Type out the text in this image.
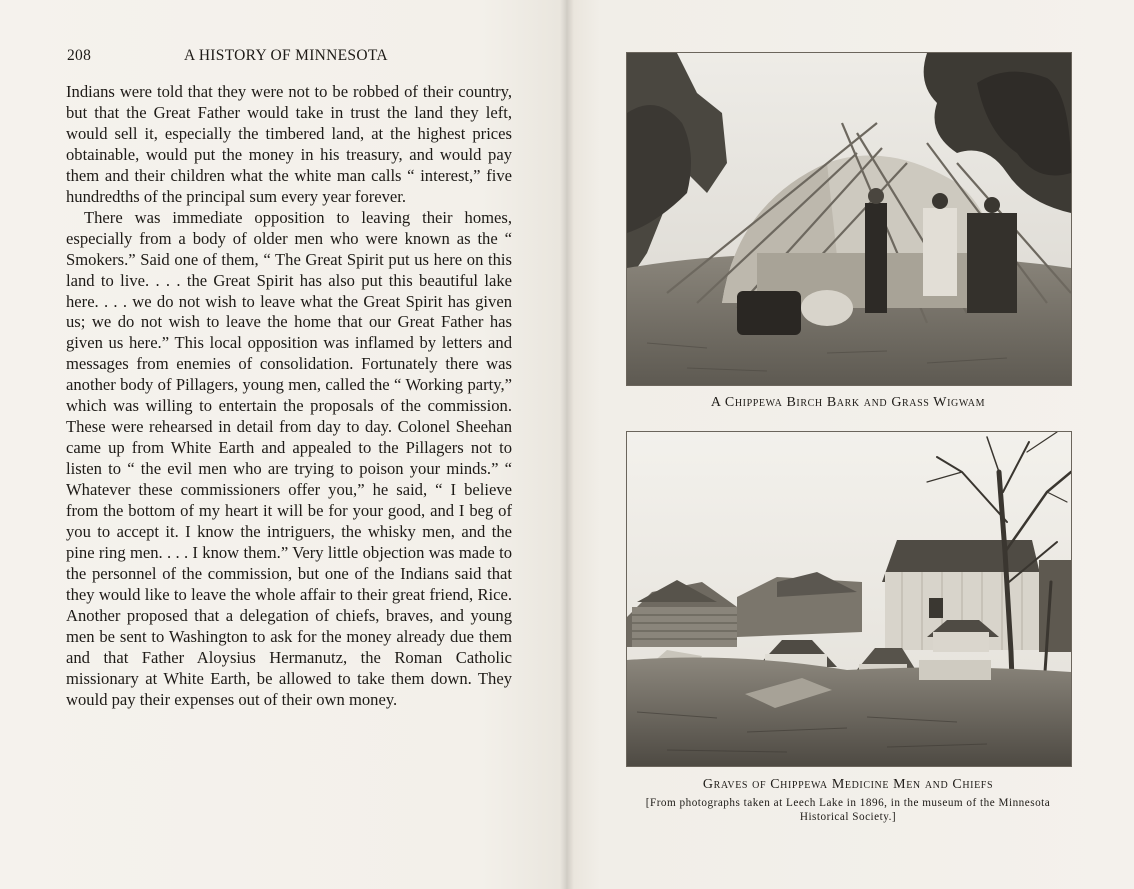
208	A HISTORY OF MINNESOTA

Indians were told that they were not to be robbed of their country, but that the Great Father would take in trust the land they left, would sell it, especially the timbered land, at the highest prices obtainable, would put the money in his treasury, and would pay them and their children what the white man calls “ interest,” five hundredths of the principal sum every year forever.

There was immediate opposition to leaving their homes, especially from a body of older men who were known as the “ Smokers.” Said one of them, “ The Great Spirit put us here on this land to live. . . . the Great Spirit has also put this beautiful lake here. . . . we do not wish to leave what the Great Spirit has given us; we do not wish to leave the home that our Great Father has given us here.” This local opposition was inflamed by letters and messages from enemies of consolidation. Fortunately there was another body of Pillagers, young men, called the “ Working party,” which was willing to entertain the proposals of the commission. These were rehearsed in detail from day to day. Colonel Sheehan came up from White Earth and appealed to the Pillagers not to listen to “ the evil men who are trying to poison your minds.” “ Whatever these commissioners offer you,” he said, “ I believe from the bottom of my heart it will be for your good, and I beg of you to accept it. I know the intriguers, the whisky men, and the pine ring men. . . . I know them.” Very little objection was made to the personnel of the commission, but one of the Indians said that they would like to leave the whole affair to their great friend, Rice. Another proposed that a delegation of chiefs, braves, and young men be sent to Washington to ask for the money already due them and that Father Aloysius Hermanutz, the Roman Catholic missionary at White Earth, be allowed to take them down. They would pay their expenses out of their own money.

A Chippewa Birch Bark and Grass Wigwam
Graves of Chippewa Medicine Men and Chiefs
[From photographs taken at Leech Lake in 1896, in the museum of the Minnesota Historical Society.]
